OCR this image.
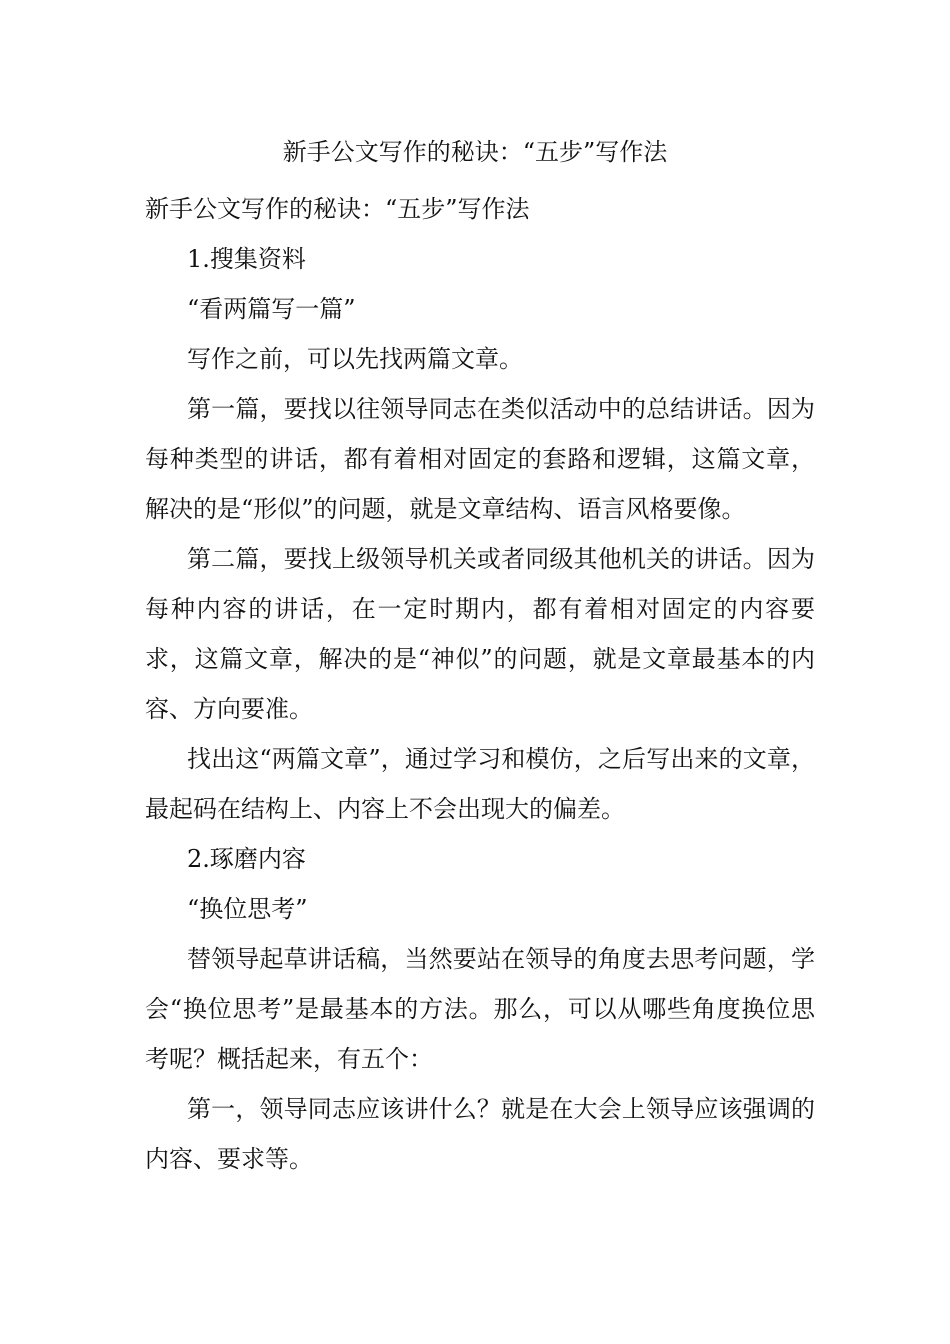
新手公文写作的秘诀：“五步”写作法

新手公文写作的秘诀：“五步”写作法

1.搜集资料

“看两篇写一篇”

写作之前，可以先找两篇文章。

第一篇，要找以往领导同志在类似活动中的总结讲话。因为每种类型的讲话，都有着相对固定的套路和逻辑，这篇文章，解决的是“形似”的问题，就是文章结构、语言风格要像。

第二篇，要找上级领导机关或者同级其他机关的讲话。因为每种内容的讲话，在一定时期内，都有着相对固定的内容要求，这篇文章，解决的是“神似”的问题，就是文章最基本的内容、方向要准。

找出这“两篇文章”，通过学习和模仿，之后写出来的文章，最起码在结构上、内容上不会出现大的偏差。

2.琢磨内容

“换位思考”

替领导起草讲话稿，当然要站在领导的角度去思考问题，学会“换位思考”是最基本的方法。那么，可以从哪些角度换位思考呢？概括起来，有五个：

第一，领导同志应该讲什么？就是在大会上领导应该强调的内容、要求等。
